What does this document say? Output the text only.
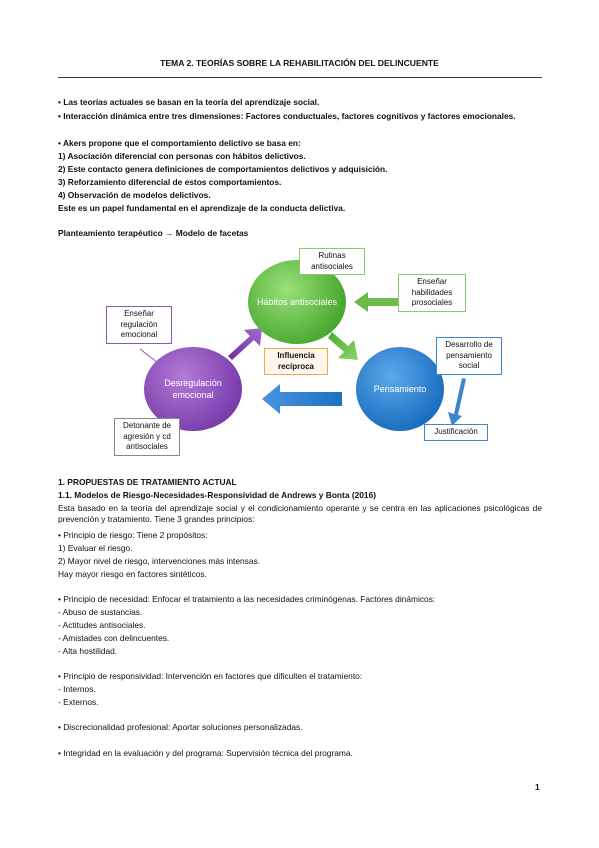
TEMA 2. TEORÍAS SOBRE LA REHABILITACIÓN DEL DELINCUENTE
• Las teorías actuales se basan en la teoría del aprendizaje social.
• Interacción dinámica entre tres dimensiones: Factores conductuales, factores cognitivos y factores emocionales.
• Akers propone que el comportamiento delictivo se basa en:
1) Asociación diferencial con personas con hábitos delictivos.
2) Este contacto genera definiciones de comportamientos delictivos y adquisición.
3) Reforzamiento diferencial de estos comportamientos.
4) Observación de modelos delictivos.
Este es un papel fundamental en el aprendizaje de la conducta delictiva.
Planteamiento terapéutico → Modelo de facetas
Hábitos antisociales
Desregulación emocional
Pensamiento
Rutinas antisociales
Enseñar habilidades prosociales
Enseñar regulación emocional
Influencia recíproca
Desarrollo de pensamiento social
Detonante de agresión y cd antisociales
Justificación
1. PROPUESTAS DE TRATAMIENTO ACTUAL
1.1. Modelos de Riesgo-Necesidades-Responsividad de Andrews y Bonta (2016)
Esta basado en la teoría del aprendizaje social y el condicionamiento operante y se centra en las aplicaciones psicológicas de prevención y tratamiento. Tiene 3 grandes principios:
• Principio de riesgo: Tiene 2 propósitos:
1) Evaluar el riesgo.
2) Mayor nivel de riesgo, intervenciones más intensas.
Hay mayor riesgo en factores sintéticos.
• Principio de necesidad: Enfocar el tratamiento a las necesidades criminógenas. Factores dinámicos:
- Abuso de sustancias.
- Actitudes antisociales.
- Amistades con delincuentes.
- Alta hostilidad.
• Principio de responsividad: Intervención en factores que dificulten el tratamiento:
- Internos.
- Externos.
• Discrecionalidad profesional: Aportar soluciones personalizadas.
• Integridad en la evaluación y del programa: Supervisión técnica del programa.
1
